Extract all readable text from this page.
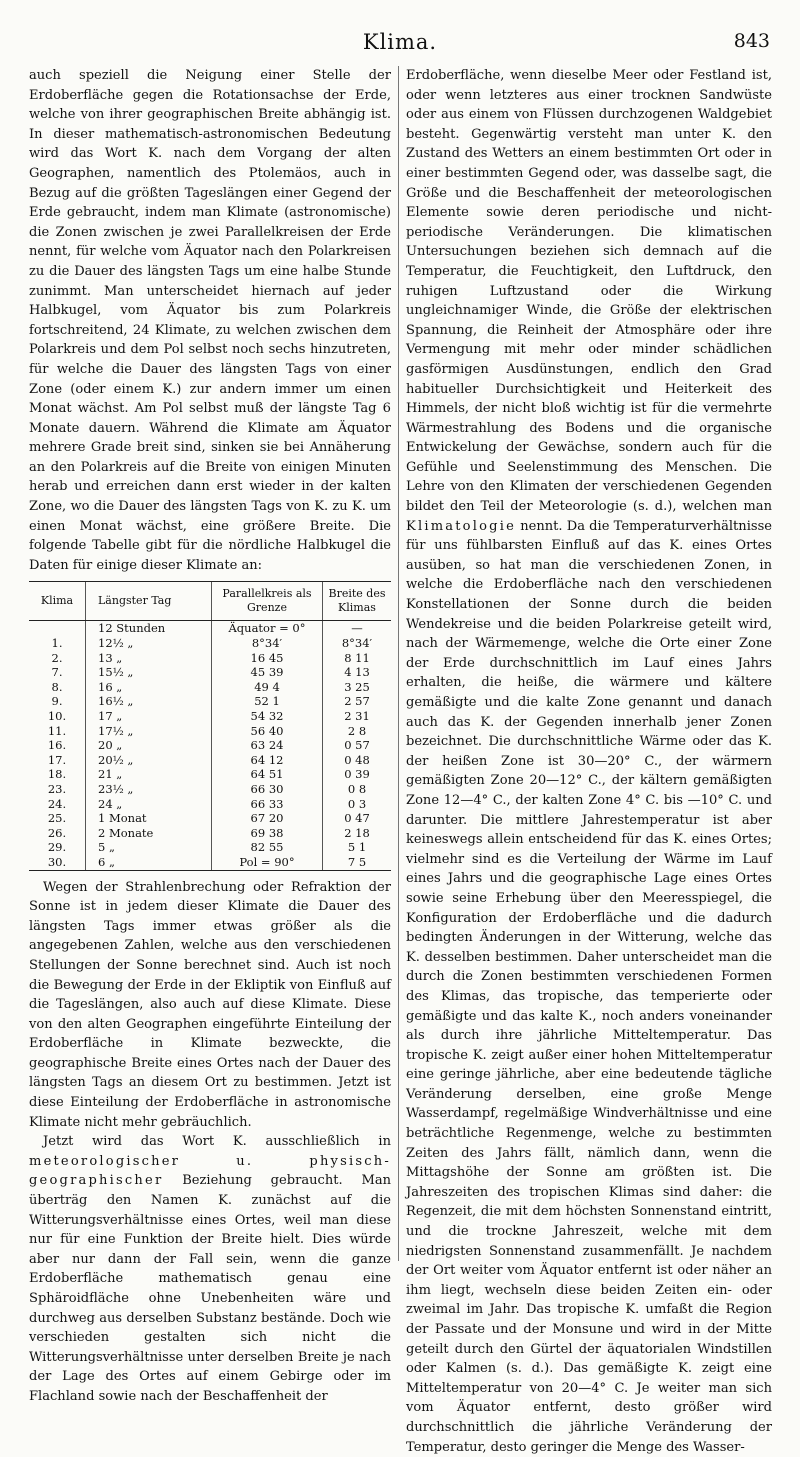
Klima.	843

auch speziell die Neigung einer Stelle der Erdoberfläche gegen die Rotationsachse der Erde, welche von ihrer geographischen Breite abhängig ist. In dieser mathematisch-astronomischen Bedeutung wird das Wort K. nach dem Vorgang der alten Geographen, namentlich des Ptolemäos, auch in Bezug auf die größten Tageslängen einer Gegend der Erde gebraucht, indem man Klimate (astronomische) die Zonen zwischen je zwei Parallelkreisen der Erde nennt, für welche vom Äquator nach den Polarkreisen zu die Dauer des längsten Tags um eine halbe Stunde zunimmt. Man unterscheidet hiernach auf jeder Halbkugel, vom Äquator bis zum Polarkreis fortschreitend, 24 Klimate, zu welchen zwischen dem Polarkreis und dem Pol selbst noch sechs hinzutreten, für welche die Dauer des längsten Tags von einer Zone (oder einem K.) zur andern immer um einen Monat wächst. Am Pol selbst muß der längste Tag 6 Monate dauern. Während die Klimate am Äquator mehrere Grade breit sind, sinken sie bei Annäherung an den Polarkreis auf die Breite von einigen Minuten herab und erreichen dann erst wieder in der kalten Zone, wo die Dauer des längsten Tags von K. zu K. um einen Monat wächst, eine größere Breite. Die folgende Tabelle gibt für die nördliche Halbkugel die Daten für einige dieser Klimate an:

Klima	Längster Tag	Parallelkreis als Grenze	Breite des Klimas
	12 Stunden	Äquator = 0°	—
1.	12½ „	8°34′	8°34′
2.	13 „	16 45	8 11
7.	15½ „	45 39	4 13
8.	16 „	49 4	3 25
9.	16½ „	52 1	2 57
10.	17 „	54 32	2 31
11.	17½ „	56 40	2 8
16.	20 „	63 24	0 57
17.	20½ „	64 12	0 48
18.	21 „	64 51	0 39
23.	23½ „	66 30	0 8
24.	24 „	66 33	0 3
25.	1 Monat	67 20	0 47
26.	2 Monate	69 38	2 18
29.	5 „	82 55	5 1
30.	6 „	Pol = 90°	7 5

Wegen der Strahlenbrechung oder Refraktion der Sonne ist in jedem dieser Klimate die Dauer des längsten Tags immer etwas größer als die angegebenen Zahlen, welche aus den verschiedenen Stellungen der Sonne berechnet sind. Auch ist noch die Bewegung der Erde in der Ekliptik von Einfluß auf die Tageslängen, also auch auf diese Klimate. Diese von den alten Geographen eingeführte Einteilung der Erdoberfläche in Klimate bezweckte, die geographische Breite eines Ortes nach der Dauer des längsten Tags an diesem Ort zu bestimmen. Jetzt ist diese Einteilung der Erdoberfläche in astronomische Klimate nicht mehr gebräuchlich.

Jetzt wird das Wort K. ausschließlich in meteorologischer u. physisch-geographischer Beziehung gebraucht. Man überträg den Namen K. zunächst auf die Witterungsverhältnisse eines Ortes, weil man diese nur für eine Funktion der Breite hielt. Dies würde aber nur dann der Fall sein, wenn die ganze Erdoberfläche mathematisch genau eine Sphäroidfläche ohne Unebenheiten wäre und durchweg aus derselben Substanz bestände. Doch wie verschieden gestalten sich nicht die Witterungsverhältnisse unter derselben Breite je nach der Lage des Ortes auf einem Gebirge oder im Flachland sowie nach der Beschaffenheit der

Erdoberfläche, wenn dieselbe Meer oder Festland ist, oder wenn letzteres aus einer trocknen Sandwüste oder aus einem von Flüssen durchzogenen Waldgebiet besteht. Gegenwärtig versteht man unter K. den Zustand des Wetters an einem bestimmten Ort oder in einer bestimmten Gegend oder, was dasselbe sagt, die Größe und die Beschaffenheit der meteorologischen Elemente sowie deren periodische und nicht-periodische Veränderungen. Die klimatischen Untersuchungen beziehen sich demnach auf die Temperatur, die Feuchtigkeit, den Luftdruck, den ruhigen Luftzustand oder die Wirkung ungleichnamiger Winde, die Größe der elektrischen Spannung, die Reinheit der Atmosphäre oder ihre Vermengung mit mehr oder minder schädlichen gasförmigen Ausdünstungen, endlich den Grad habitueller Durchsichtigkeit und Heiterkeit des Himmels, der nicht bloß wichtig ist für die vermehrte Wärmestrahlung des Bodens und die organische Entwickelung der Gewächse, sondern auch für die Gefühle und Seelenstimmung des Menschen. Die Lehre von den Klimaten der verschiedenen Gegenden bildet den Teil der Meteorologie (s. d.), welchen man Klimatologie nennt. Da die Temperaturverhältnisse für uns fühlbarsten Einfluß auf das K. eines Ortes ausüben, so hat man die verschiedenen Zonen, in welche die Erdoberfläche nach den verschiedenen Konstellationen der Sonne durch die beiden Wendekreise und die beiden Polarkreise geteilt wird, nach der Wärmemenge, welche die Orte einer Zone der Erde durchschnittlich im Lauf eines Jahrs erhalten, die heiße, die wärmere und kältere gemäßigte und die kalte Zone genannt und danach auch das K. der Gegenden innerhalb jener Zonen bezeichnet. Die durchschnittliche Wärme oder das K. der heißen Zone ist 30—20° C., der wärmern gemäßigten Zone 20—12° C., der kältern gemäßigten Zone 12—4° C., der kalten Zone 4° C. bis —10° C. und darunter. Die mittlere Jahrestemperatur ist aber keineswegs allein entscheidend für das K. eines Ortes; vielmehr sind es die Verteilung der Wärme im Lauf eines Jahrs und die geographische Lage eines Ortes sowie seine Erhebung über den Meeresspiegel, die Konfiguration der Erdoberfläche und die dadurch bedingten Änderungen in der Witterung, welche das K. desselben bestimmen. Daher unterscheidet man die durch die Zonen bestimmten verschiedenen Formen des Klimas, das tropische, das temperierte oder gemäßigte und das kalte K., noch anders voneinander als durch ihre jährliche Mitteltemperatur. Das tropische K. zeigt außer einer hohen Mitteltemperatur eine geringe jährliche, aber eine bedeutende tägliche Veränderung derselben, eine große Menge Wasserdampf, regelmäßige Windverhältnisse und eine beträchtliche Regenmenge, welche zu bestimmten Zeiten des Jahrs fällt, nämlich dann, wenn die Mittagshöhe der Sonne am größten ist. Die Jahreszeiten des tropischen Klimas sind daher: die Regenzeit, die mit dem höchsten Sonnenstand eintritt, und die trockne Jahreszeit, welche mit dem niedrigsten Sonnenstand zusammenfällt. Je nachdem der Ort weiter vom Äquator entfernt ist oder näher an ihm liegt, wechseln diese beiden Zeiten ein- oder zweimal im Jahr. Das tropische K. umfaßt die Region der Passate und der Monsune und wird in der Mitte geteilt durch den Gürtel der äquatorialen Windstillen oder Kalmen (s. d.). Das gemäßigte K. zeigt eine Mitteltemperatur von 20—4° C. Je weiter man sich vom Äquator entfernt, desto größer wird durchschnittlich die jährliche Veränderung der Temperatur, desto geringer die Menge des Wasser-
